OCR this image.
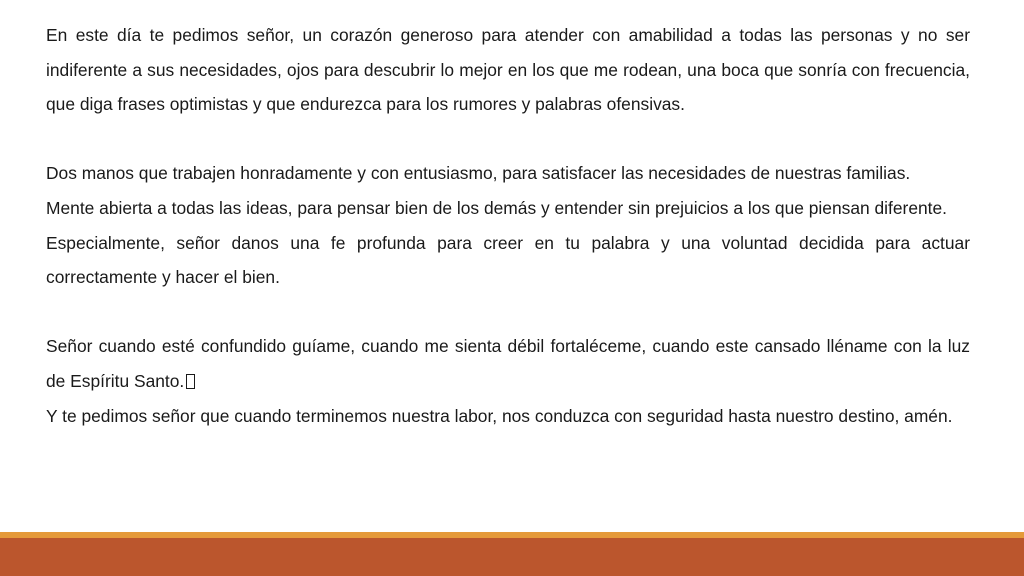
En este día te pedimos señor, un corazón generoso para atender con amabilidad a todas las personas y no ser indiferente a sus necesidades, ojos para descubrir lo mejor en los que me rodean, una boca que sonría con frecuencia, que diga frases optimistas y que endurezca para los rumores y palabras ofensivas.

Dos manos que trabajen honradamente y con entusiasmo, para satisfacer las necesidades de nuestras familias.

Mente abierta a todas las ideas, para pensar bien de los demás y entender sin prejuicios a los que piensan diferente.

Especialmente, señor danos una fe profunda para creer en tu palabra y una voluntad decidida para actuar correctamente y hacer el bien.

Señor cuando esté confundido guíame, cuando me sienta débil fortaléceme, cuando este cansado lléname con la luz de Espíritu Santo.

Y te pedimos señor que cuando terminemos nuestra labor, nos conduzca con seguridad hasta nuestro destino, amén.
